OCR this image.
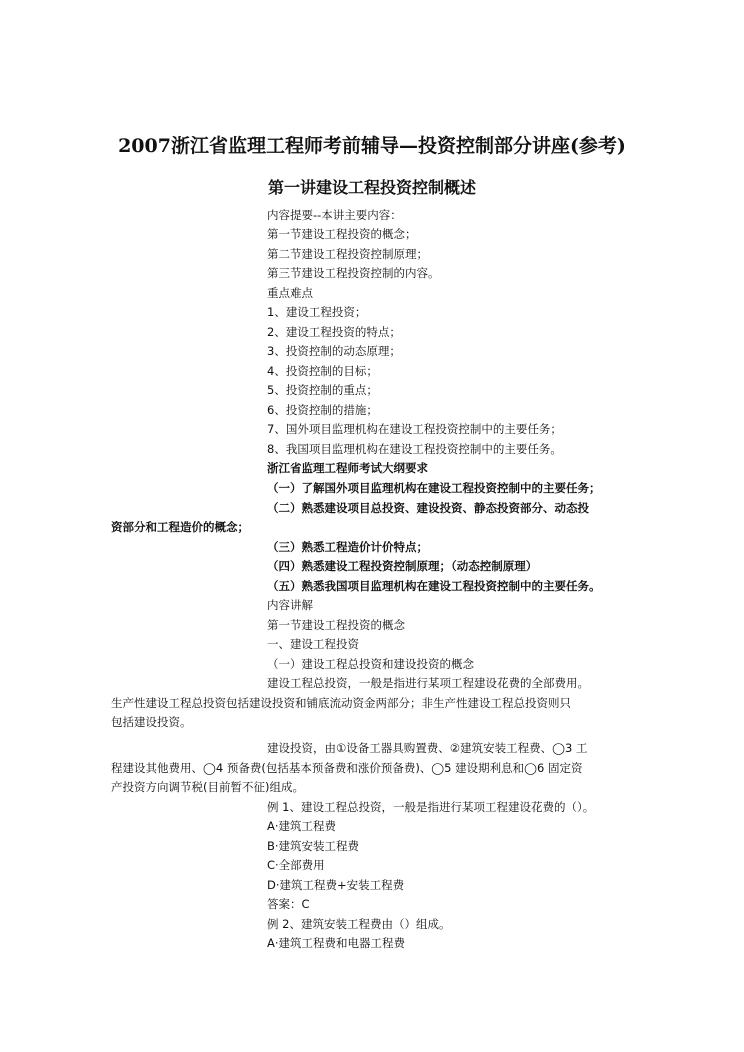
2007浙江省监理工程师考前辅导—投资控制部分讲座(参考)
第一讲建设工程投资控制概述
内容提要--本讲主要内容：
第一节建设工程投资的概念；
第二节建设工程投资控制原理；
第三节建设工程投资控制的内容。
重点难点
1、建设工程投资；
2、建设工程投资的特点；
3、投资控制的动态原理；
4、投资控制的目标；
5、投资控制的重点；
6、投资控制的措施；
7、国外项目监理机构在建设工程投资控制中的主要任务；
8、我国项目监理机构在建设工程投资控制中的主要任务。
浙江省监理工程师考试大纲要求
（一）了解国外项目监理机构在建设工程投资控制中的主要任务；
（二）熟悉建设项目总投资、建设投资、静态投资部分、动态投
资部分和工程造价的概念；
（三）熟悉工程造价计价特点；
（四）熟悉建设工程投资控制原理；（动态控制原理）
（五）熟悉我国项目监理机构在建设工程投资控制中的主要任务。
内容讲解
第一节建设工程投资的概念
一、建设工程投资
（一）建设工程总投资和建设投资的概念
建设工程总投资，一般是指进行某项工程建设花费的全部费用。
生产性建设工程总投资包括建设投资和铺底流动资金两部分；非生产性建设工程总投资则只
包括建设投资。
建设投资，由①设备工器具购置费、②建筑安装工程费、◯3 工
程建设其他费用、◯4 预备费(包括基本预备费和涨价预备费)、◯5 建设期利息和◯6 固定资
产投资方向调节税(目前暂不征)组成。
例 1、建设工程总投资，一般是指进行某项工程建设花费的（）。
A·建筑工程费
B·建筑安装工程费
C·全部费用
D·建筑工程费+安装工程费
答案：C
例 2、建筑安装工程费由（）组成。
A·建筑工程费和电器工程费
